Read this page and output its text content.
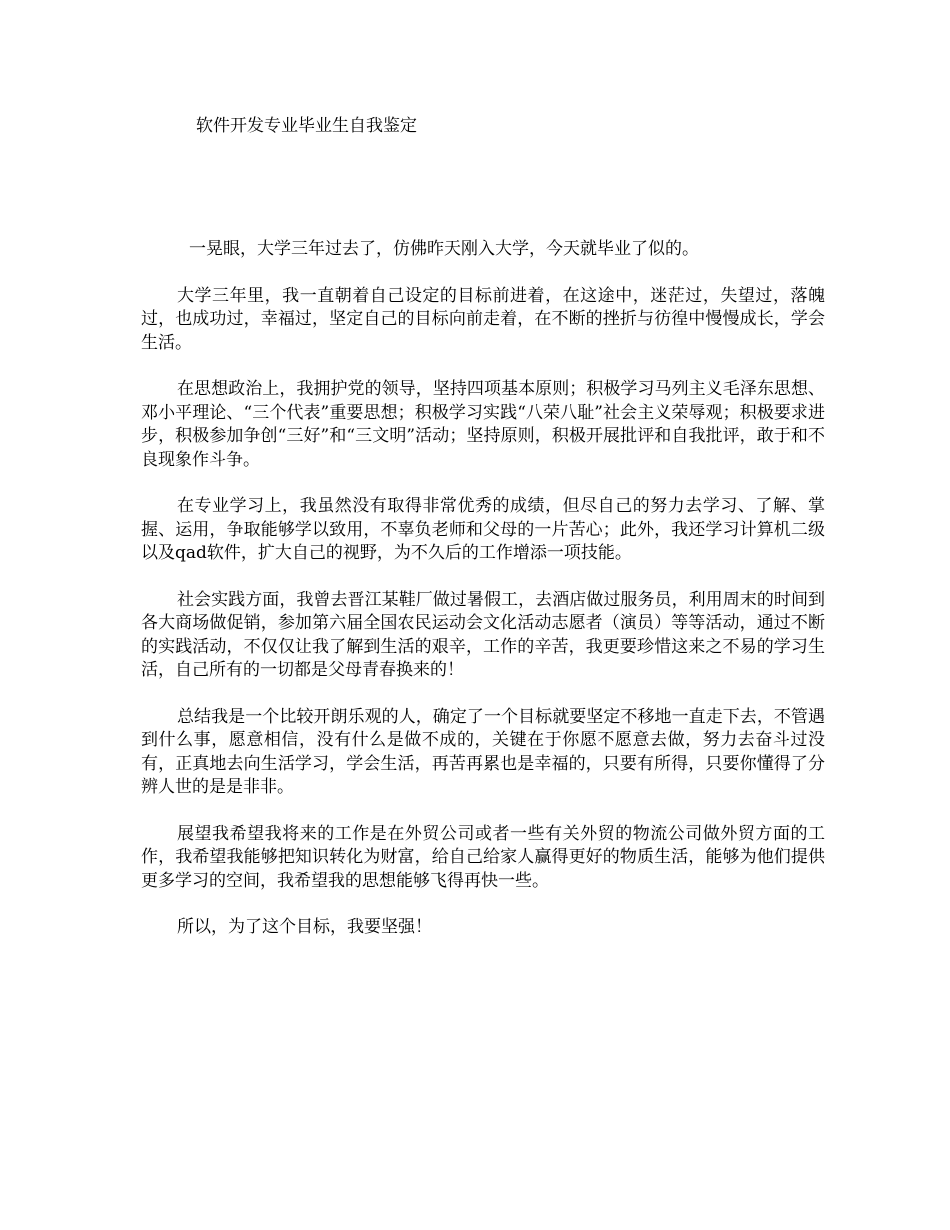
软件开发专业毕业生自我鉴定

一晃眼，大学三年过去了，仿佛昨天刚入大学，今天就毕业了似的。

大学三年里，我一直朝着自己设定的目标前进着，在这途中，迷茫过，失望过，落魄过，也成功过，幸福过，坚定自己的目标向前走着，在不断的挫折与彷徨中慢慢成长，学会生活。

在思想政治上，我拥护党的领导，坚持四项基本原则；积极学习马列主义毛泽东思想、邓小平理论、“三个代表”重要思想；积极学习实践“八荣八耻”社会主义荣辱观；积极要求进步，积极参加争创“三好”和“三文明”活动；坚持原则，积极开展批评和自我批评，敢于和不良现象作斗争。

在专业学习上，我虽然没有取得非常优秀的成绩，但尽自己的努力去学习、了解、掌握、运用，争取能够学以致用，不辜负老师和父母的一片苦心；此外，我还学习计算机二级以及qad软件，扩大自己的视野，为不久后的工作增添一项技能。

社会实践方面，我曾去晋江某鞋厂做过暑假工，去酒店做过服务员，利用周末的时间到各大商场做促销，参加第六届全国农民运动会文化活动志愿者（演员）等等活动，通过不断的实践活动，不仅仅让我了解到生活的艰辛，工作的辛苦，我更要珍惜这来之不易的学习生活，自己所有的一切都是父母青春换来的！

总结我是一个比较开朗乐观的人，确定了一个目标就要坚定不移地一直走下去，不管遇到什么事，愿意相信，没有什么是做不成的，关键在于你愿不愿意去做，努力去奋斗过没有，正真地去向生活学习，学会生活，再苦再累也是幸福的，只要有所得，只要你懂得了分辨人世的是是非非。

展望我希望我将来的工作是在外贸公司或者一些有关外贸的物流公司做外贸方面的工作，我希望我能够把知识转化为财富，给自己给家人赢得更好的物质生活，能够为他们提供更多学习的空间，我希望我的思想能够飞得再快一些。

所以，为了这个目标，我要坚强！
